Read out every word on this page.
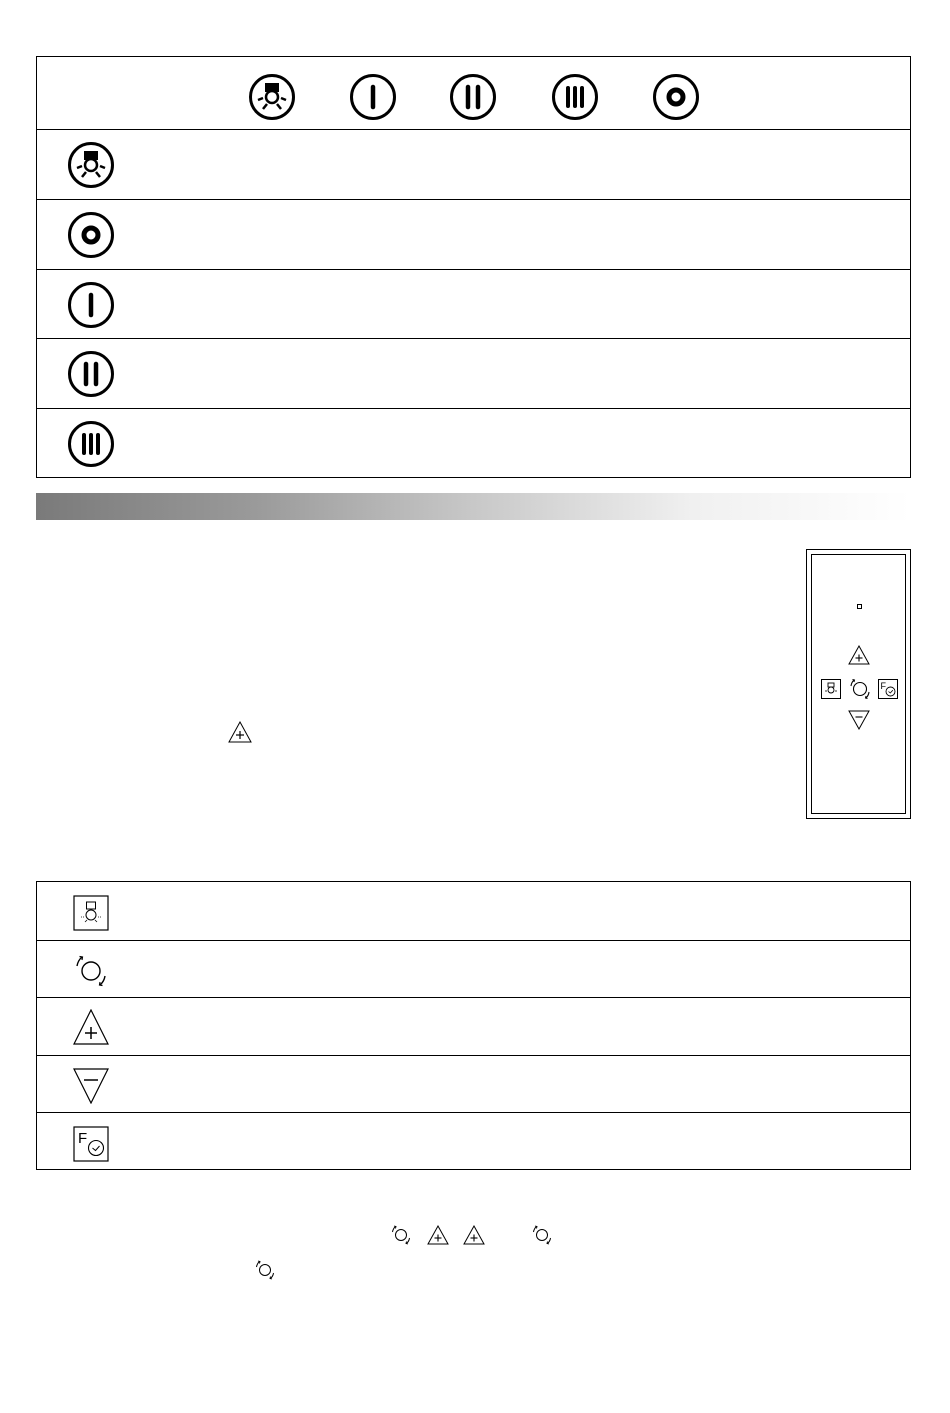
F
F
